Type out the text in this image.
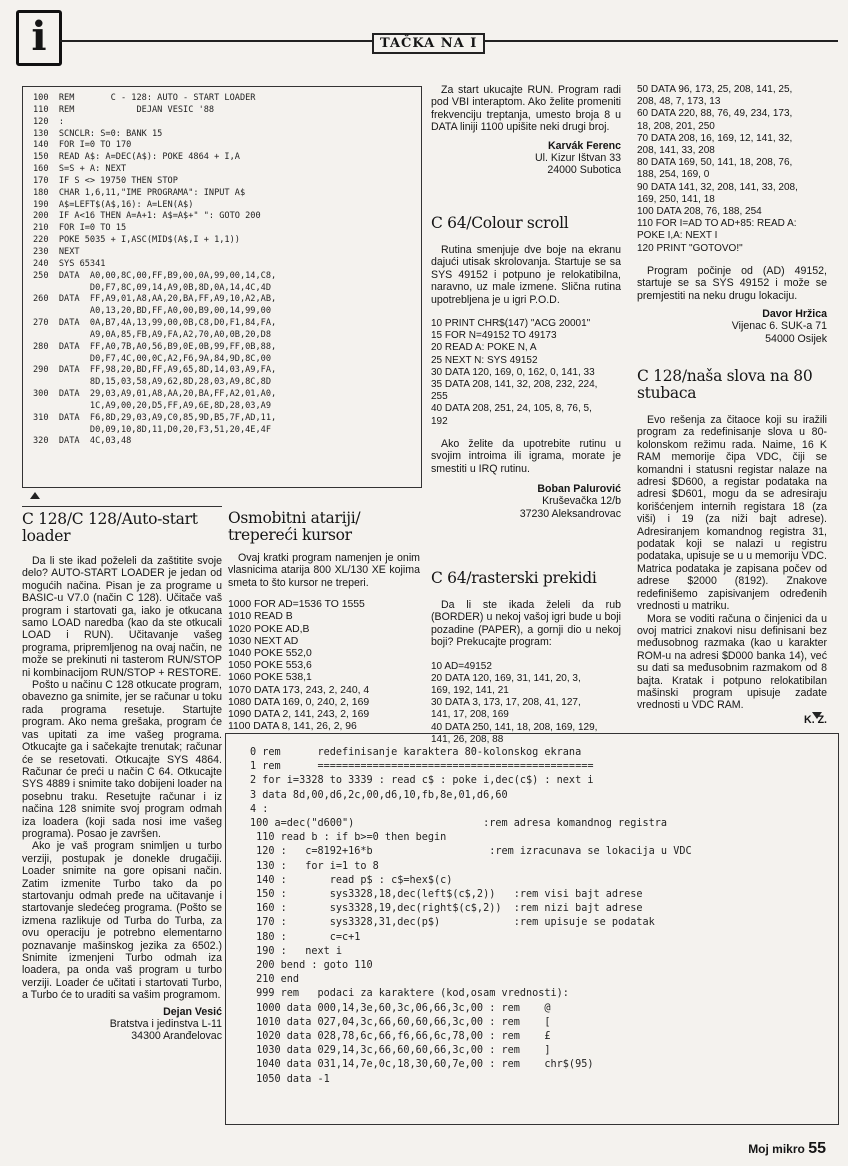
i	TAČKA NA I
100  REM       C - 128: AUTO - START LOADER
110  REM            DEJAN VESIC '88
120  :
130  SCNCLR: S=0: BANK 15
140  FOR I=0 TO 170
150  READ A$: A=DEC(A$): POKE 4864 + I,A
160  S=S + A: NEXT
170  IF S <> 19750 THEN STOP
180  CHAR 1,6,11,"IME PROGRAMA": INPUT A$
190  A$=LEFT$(A$,16): A=LEN(A$)
200  IF A<16 THEN A=A+1: A$=A$+" ": GOTO 200
210  FOR I=0 TO 15
220  POKE 5035 + I,ASC(MID$(A$,I + 1,1))
230  NEXT
240  SYS 65341
250  DATA  A0,00,8C,00,FF,B9,00,0A,99,00,14,C8,
D0,F7,8C,09,14,A9,0B,8D,0A,14,4C,4D
260  DATA  FF,A9,01,A8,AA,20,BA,FF,A9,10,A2,AB,
A0,13,20,BD,FF,A0,00,B9,00,14,99,00
270  DATA  0A,B7,4A,13,99,00,0B,C8,D0,F1,84,FA,
A9,0A,85,FB,A9,FA,A2,70,A0,0B,20,D8
280  DATA  FF,A0,7B,A0,56,B9,0E,0B,99,FF,0B,88,
D0,F7,4C,00,0C,A2,F6,9A,84,9D,8C,00
290  DATA  FF,98,20,BD,FF,A9,65,8D,14,03,A9,FA,
8D,15,03,58,A9,62,8D,28,03,A9,8C,8D
300  DATA  29,03,A9,01,A8,AA,20,BA,FF,A2,01,A0,
1C,A9,00,20,D5,FF,A9,6E,8D,28,03,A9
310  DATA  F6,8D,29,03,A9,C0,85,9D,B5,7F,AD,11,
D0,09,10,8D,11,D0,20,F3,51,20,4E,4F
320  DATA  4C,03,48
C 128/C 128/Auto-start loader

Da li ste ikad poželeli da zaštitite svoje delo? AUTO-START LOADER je jedan od mogućih načina. Pisan je za programe u BASIC-u V7.0 (način C 128). Učitače vaš program i startovati ga, iako je otkucana samo LOAD naredba (kao da ste otkucali LOAD i RUN). Učitavanje vašeg programa, pripremljenog na ovaj način, ne može se prekinuti ni tasterom RUN/STOP ni kombinacijom RUN/STOP + RESTORE.

Pošto u načinu C 128 otkucate program, obavezno ga snimite, jer se računar u toku rada programa resetuje. Startujte program. Ako nema grešaka, program će vas upitati za ime vašeg programa. Otkucajte ga i sačekajte trenutak; računar će se resetovati. Otkucajte SYS 4864. Računar će preći u način C 64. Otkucajte SYS 4889 i snimite tako dobijeni loader na posebnu traku. Resetujte računar i iz načina 128 snimite svoj program odmah iza loadera (koji sada nosi ime vašeg programa). Posao je završen.

Ako je vaš program snimljen u turbo verziji, postupak je donekle drugačiji. Loader snimite na gore opisani način. Zatim izmenite Turbo tako da po startovanju odmah pređe na učitavanje i startovanje sledećeg programa. (Pošto se izmena razlikuje od Turba do Turba, za ovu operaciju je potrebno elementarno poznavanje mašinskog jezika za 6502.) Snimite izmenjeni Turbo odmah iza loadera, pa onda vaš program u turbo verziji. Loader će učitati i startovati Turbo, a Turbo će to uraditi sa vašim programom.

Dejan Vesić
Bratstva i jedinstva L-11
34300 Aranđelovac
Osmobitni atariji/ trepereći kursor

Ovaj kratki program namenjen je onim vlasnicima atarija 800 XL/130 XE kojima smeta to što kursor ne treperi.

1000 FOR AD=1536 TO 1555
1010 READ B
1020 POKE AD,B
1030 NEXT AD
1040 POKE 552,0
1050 POKE 553,6
1060 POKE 538,1
1070 DATA 173, 243, 2, 240, 4
1080 DATA 169, 0, 240, 2, 169
1090 DATA 2, 141, 243, 2, 169
1100 DATA 8, 141, 26, 2, 96

Za start ukucajte RUN. Program radi pod VBI interaptom. Ako želite promeniti frekvenciju treptanja, umesto broja 8 u DATA liniji 1100 upišite neki drugi broj.

Karvák Ferenc
Ul. Kizur Ištvan 33
24000 Subotica
C 64/Colour scroll

Rutina smenjuje dve boje na ekranu dajući utisak skrolovanja. Startuje se sa SYS 49152 i potpuno je relokatibilna, naravno, uz male izmene. Slična rutina upotrebljena je u igri P.O.D.

10 PRINT CHR$(147) "ACG 20001"
15 FOR N=49152 TO 49173
20 READ A: POKE N, A
25 NEXT N: SYS 49152
30 DATA 120, 169, 0, 162, 0, 141, 33
35 DATA 208, 141, 32, 208, 232, 224,
255
40 DATA 208, 251, 24, 105, 8, 76, 5,
192

Ako želite da upotrebite rutinu u svojim introima ili igrama, morate je smestiti u IRQ rutinu.

Boban Palurović
Kruševačka 12/b
37230 Aleksandrovac
C 64/rasterski prekidi

Da li ste ikada želeli da rub (BORDER) u nekoj vašoj igri bude u boji pozadine (PAPER), a gornji dio u nekoj boji? Prekucajte program:

10 AD=49152
20 DATA 120, 169, 31, 141, 20, 3,
169, 192, 141, 21
30 DATA 3, 173, 17, 208, 41, 127,
141, 17, 208, 169
40 DATA 250, 141, 18, 208, 169, 129,
141, 26, 208, 88
50 DATA 96, 173, 25, 208, 141, 25,
208, 48, 7, 173, 13
60 DATA 220, 88, 76, 49, 234, 173,
18, 208, 201, 250
70 DATA 208, 16, 169, 12, 141, 32,
208, 141, 33, 208
80 DATA 169, 50, 141, 18, 208, 76,
188, 254, 169, 0
90 DATA 141, 32, 208, 141, 33, 208,
169, 250, 141, 18
100 DATA 208, 76, 188, 254
110 FOR I=AD TO AD+85: READ A:
POKE I,A: NEXT I
120 PRINT "GOTOVO!"

Program počinje od (AD) 49152, startuje se sa SYS 49152 i može se premjestiti na neku drugu lokaciju.

Davor Hržica
Vijenac 6. SUK-a 71
54000 Osijek
C 128/naša slova na 80 stubaca

Evo rešenja za čitaoce koji su iražili program za redefinisanje slova u 80-kolonskom režimu rada. Naime, 16 K RAM memorije čipa VDC, čiji se komandni i statusni registar nalaze na adresi $D600, a registar podataka na adresi $D601, mogu da se adresiraju korišćenjem internih registara 18 (za viši) i 19 (za niži bajt adrese). Adresiranjem komandnog registra 31, podatak koji se nalazi u registru podataka, upisuje se u u memoriju VDC. Matrica podataka je zapisana počev od adrese $2000 (8192). Znakove redefinišemo zapisivanjem određenih vrednosti u matriku.

Mora se voditi računa o činjenici da u ovoj matrici znakovi nisu definisani bez međusobnog razmaka (kao u karakter ROM-u na adresi $D000 banka 14), već su dati sa međusobnim razmakom od 8 bajta. Kratak i potpuno relokatibilan mašinski program upisuje zadate vrednosti u VDC RAM.

K. Z.
0 rem      redefinisanje karaktera 80-kolonskog ekrana
1 rem      =============================================
2 for i=3328 to 3339 : read c$ : poke i,dec(c$) : next i
3 data 8d,00,d6,2c,00,d6,10,fb,8e,01,d6,60
4 :
100 a=dec("d600")                     :rem adresa komandnog registra
110 read b : if b>=0 then begin
120 :   c=8192+16*b                   :rem izracunava se lokacija u VDC
130 :   for i=1 to 8
140 :       read p$ : c$=hex$(c)
150 :       sys3328,18,dec(left$(c$,2))   :rem visi bajt adrese
160 :       sys3328,19,dec(right$(c$,2))  :rem nizi bajt adrese
170 :       sys3328,31,dec(p$)            :rem upisuje se podatak
180 :       c=c+1
190 :   next i
200 bend : goto 110
210 end
999 rem   podaci za karaktere (kod,osam vrednosti):
1000 data 000,14,3e,60,3c,06,66,3c,00 : rem    @
1010 data 027,04,3c,66,60,60,66,3c,00 : rem    [
1020 data 028,78,6c,66,f6,66,6c,78,00 : rem    £
1030 data 029,14,3c,66,60,60,66,3c,00 : rem    ]
1040 data 031,14,7e,0c,18,30,60,7e,00 : rem    chr$(95)
1050 data -1
Moj mikro 55
